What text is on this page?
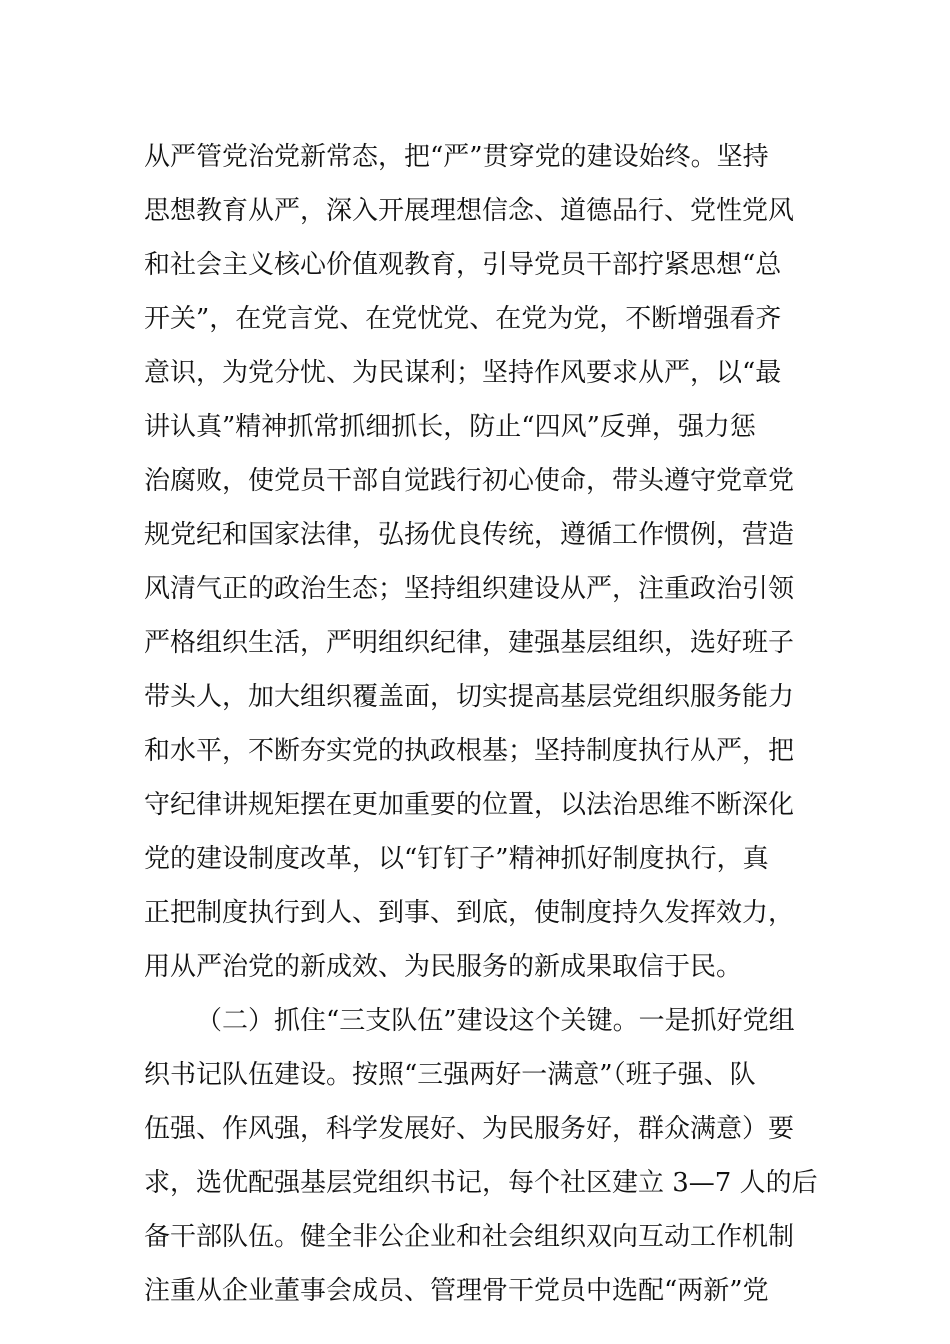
从严管党治党新常态，把“严”贯穿党的建设始终。坚持
思想教育从严，深入开展理想信念、道德品行、党性党风
和社会主义核心价值观教育，引导党员干部拧紧思想“总
开关”，在党言党、在党忧党、在党为党，不断增强看齐
意识，为党分忧、为民谋利；坚持作风要求从严，以“最
讲认真”精神抓常抓细抓长，防止“四风”反弹，强力惩
治腐败，使党员干部自觉践行初心使命，带头遵守党章党
规党纪和国家法律，弘扬优良传统，遵循工作惯例，营造
风清气正的政治生态；坚持组织建设从严，注重政治引领
严格组织生活，严明组织纪律，建强基层组织，选好班子
带头人，加大组织覆盖面，切实提高基层党组织服务能力
和水平，不断夯实党的执政根基；坚持制度执行从严，把
守纪律讲规矩摆在更加重要的位置，以法治思维不断深化
党的建设制度改革，以“钉钉子”精神抓好制度执行，真
正把制度执行到人、到事、到底，使制度持久发挥效力，
用从严治党的新成效、为民服务的新成果取信于民。
（二）抓住“三支队伍”建设这个关键。一是抓好党组
织书记队伍建设。按照“三强两好一满意”（班子强、队
伍强、作风强，科学发展好、为民服务好，群众满意）要
求，选优配强基层党组织书记，每个社区建立 3—7 人的后
备干部队伍。健全非公企业和社会组织双向互动工作机制
注重从企业董事会成员、管理骨干党员中选配“两新”党
